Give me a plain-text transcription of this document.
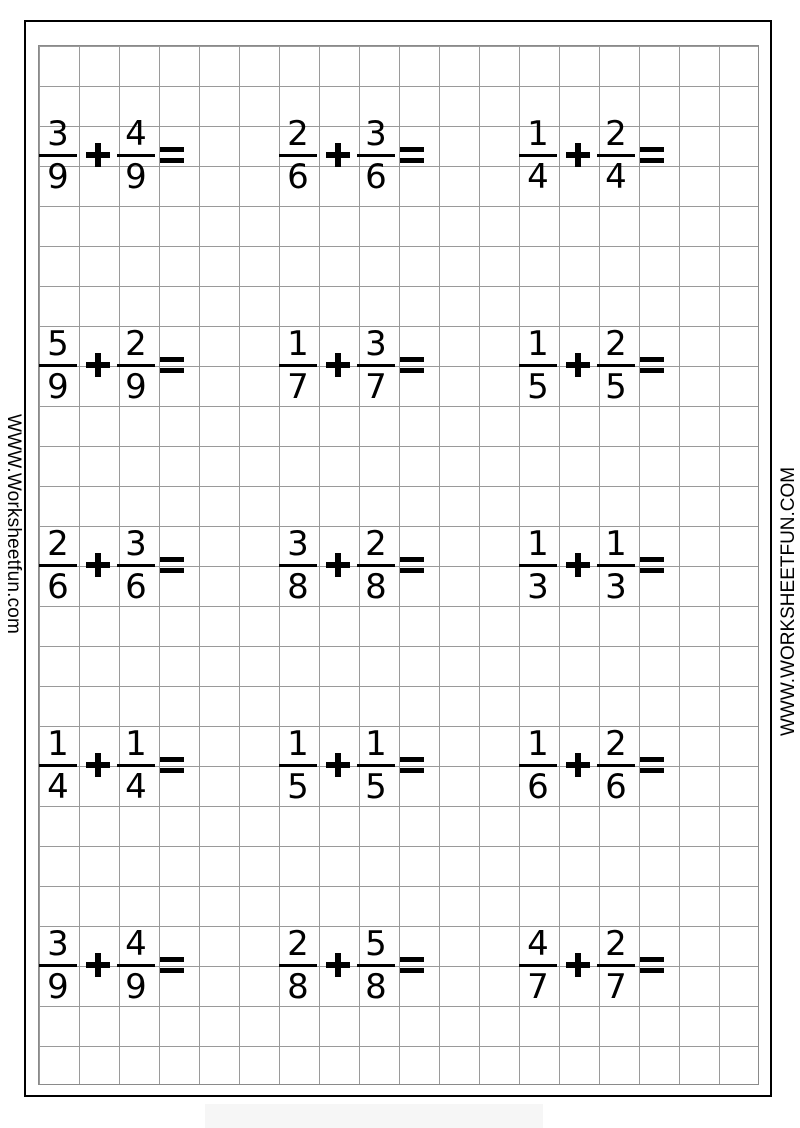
WWW.Worksheetfun.com	WWW.WORKSHEETFUN.COM
$\frac{3}{9} \frac{4}{9}$	$\frac{2}{6} \frac{3}{6}$	$\frac{1}{4} \frac{2}{4}$
$\frac{5}{9} \frac{2}{9}$	$\frac{1}{7} \frac{3}{7}$	$\frac{1}{5} \frac{2}{5}$
$\frac{2}{6} \frac{3}{6}$	$\frac{3}{8} \frac{2}{8}$	$\frac{1}{3} \frac{1}{3}$
$\frac{1}{4} \frac{1}{4}$	$\frac{1}{5} \frac{1}{5}$	$\frac{1}{6} \frac{2}{6}$
$\frac{3}{9} \frac{4}{9}$	$\frac{2}{8} \frac{5}{8}$	$\frac{4}{7} \frac{2}{7}$
